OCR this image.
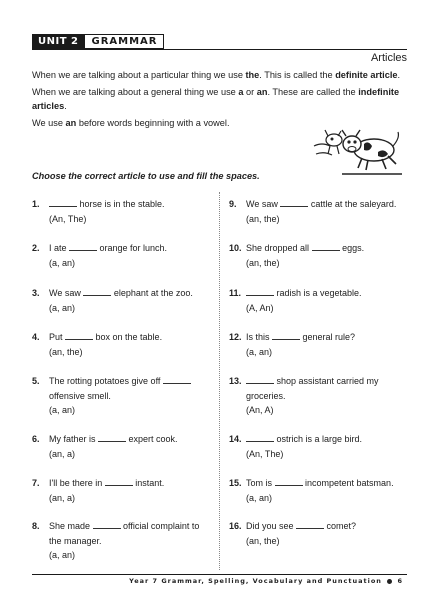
UNIT 2	GRAMMAR
Articles

When we are talking about a particular thing we use the. This is called the definite article.

When we are talking about a general thing we use a or an. These are called the indefinite articles.

We use an before words beginning with a vowel.

Choose the correct article to use and fill the spaces.
1.	horse is in the stable.
(An, The)
2. I ate	orange for lunch.
(a, an)
3. We saw	elephant at the zoo.
(a, an)
4. Put	box on the table.
(an, the)
5. The rotting potatoes give off  offensive smell.
(a, an)
6. My father is	expert cook.
(an, a)
7. I'll be there in	instant.
(an, a)
8. She made	official complaint to the manager.
(a, an)
9. We saw	cattle at the saleyard.
(an, the)
10. She dropped all	eggs.
(an, the)
11.	radish is a vegetable.
(A, An)
12. Is this	general rule?
(a, an)
13.	shop assistant carried my groceries.
(An, A)
14.	ostrich is a large bird.
(An, The)
15. Tom is	incompetent batsman.
(a, an)
16. Did you see	comet?
(an, the)
Year 7 Grammar, Spelling, Vocabulary and Punctuation 6
